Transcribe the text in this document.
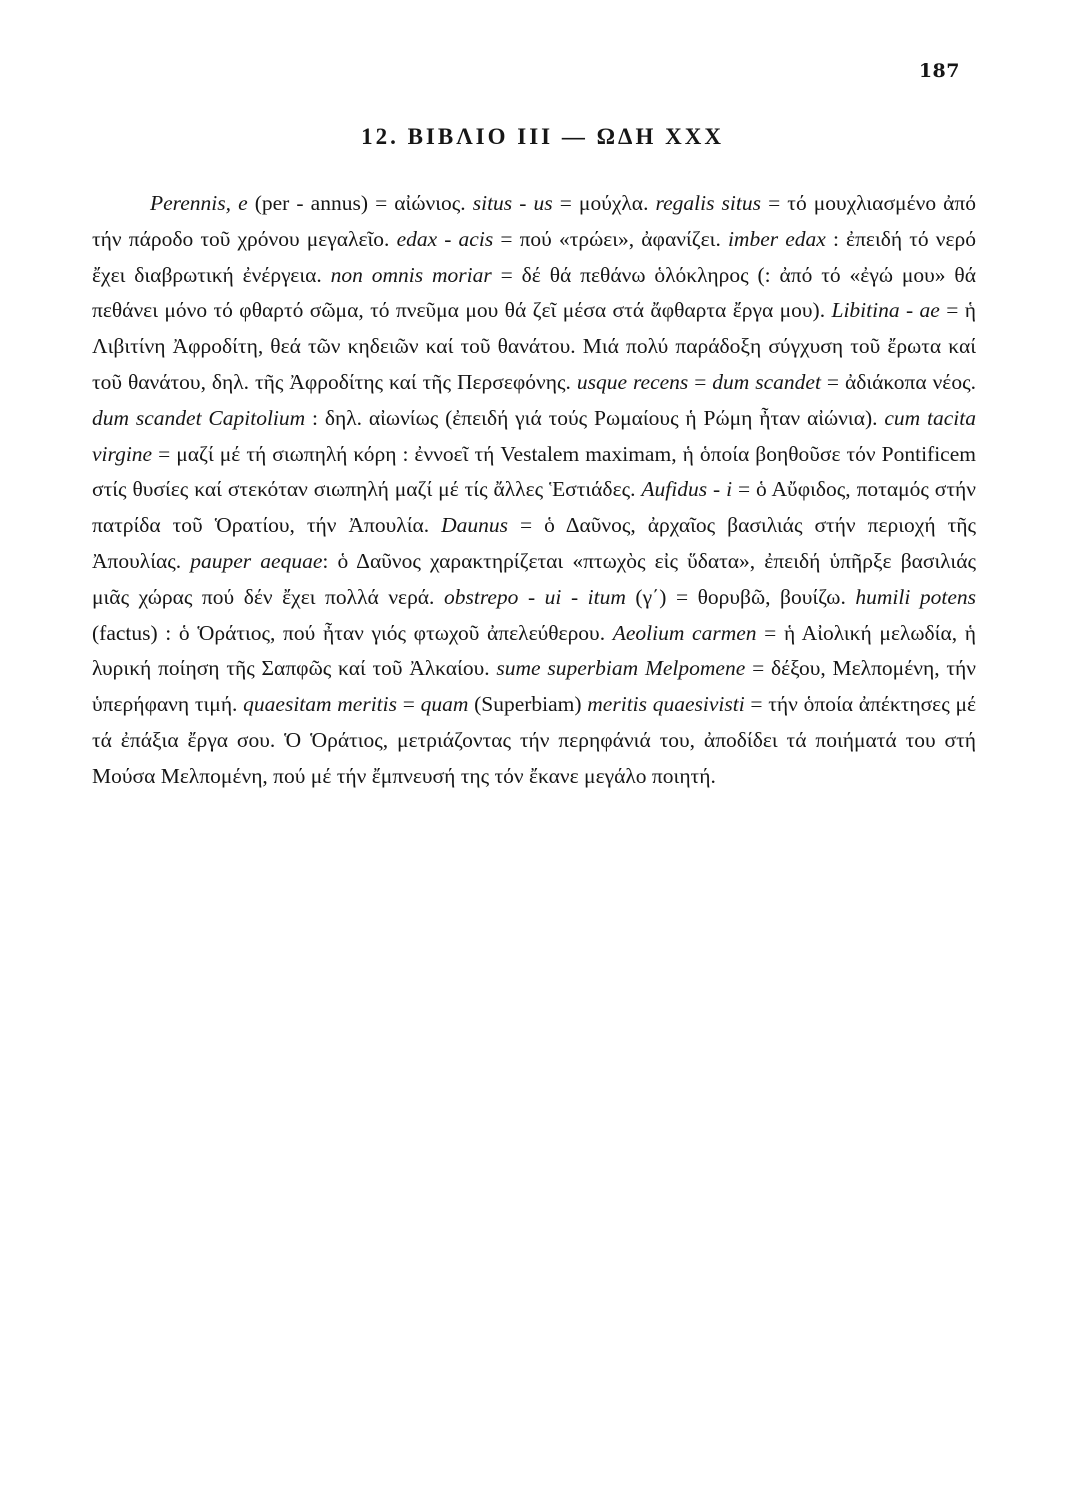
187
12. ΒΙΒΛΙΟ III — ΩΔΗ XXX

Perennis, e (per - annus) = αἰώνιος. situs - us = μούχλα. regalis situs = τό μουχλιασμένο ἀπό τήν πάροδο τοῦ χρόνου μεγαλεῖο. edax - acis = πού «τρώει», ἀφανίζει. imber edax : ἐπειδή τό νερό ἔχει διαβρωτική ἐνέργεια. non omnis moriar = δέ θά πεθάνω ὁλόκληρος (: ἀπό τό «ἐγώ μου» θά πεθάνει μόνο τό φθαρτό σῶμα, τό πνεῦμα μου θά ζεῖ μέσα στά ἄφθαρτα ἔργα μου). Libitina - ae = ἡ Λιβιτίνη Ἀφροδίτη, θεά τῶν κηδειῶν καί τοῦ θανάτου. Μιά πολύ παράδοξη σύγχυση τοῦ ἔρωτα καί τοῦ θανάτου, δηλ. τῆς Ἀφροδίτης καί τῆς Περσεφόνης. usque recens = dum scandet = ἀδιάκοπα νέος. dum scandet Capitolium : δηλ. αἰωνίως (ἐπειδή γιά τούς Ρωμαίους ἡ Ρώμη ἦταν αἰώνια). cum tacita virgine = μαζί μέ τή σιωπηλή κόρη : ἐννοεῖ τή Vestalem maximam, ἡ ὁποία βοηθοῦσε τόν Pontificem στίς θυσίες καί στεκόταν σιωπηλή μαζί μέ τίς ἄλλες Ἑστιάδες. Aufidus - i = ὁ Αὔφιδος, ποταμός στήν πατρίδα τοῦ Ὁρατίου, τήν Ἀπουλία. Daunus = ὁ Δαῦνος, ἀρχαῖος βασιλιάς στήν περιοχή τῆς Ἀπουλίας. pauper aequae: ὁ Δαῦνος χαρακτηρίζεται «πτωχὸς εἰς ὕδατα», ἐπειδή ὑπῆρξε βασιλιάς μιᾶς χώρας πού δέν ἔχει πολλά νερά. obstrepo - ui - itum (γ΄) = θορυβῶ, βουίζω. humili potens (factus) : ὁ Ὁράτιος, πού ἦταν γιός φτωχοῦ ἀπελεύθερου. Aeolium carmen = ἡ Αἰολική μελωδία, ἡ λυρική ποίηση τῆς Σαπφῶς καί τοῦ Ἀλκαίου. sume superbiam Melpomene = δέξου, Μελπομένη, τήν ὑπερήφανη τιμή. quaesitam meritis = quam (Superbiam) meritis quaesivisti = τήν ὁποία ἀπέκτησες μέ τά ἐπάξια ἔργα σου. Ὁ Ὁράτιος, μετριάζοντας τήν περηφάνιά του, ἀποδίδει τά ποιήματά του στή Μούσα Μελπομένη, πού μέ τήν ἔμπνευσή της τόν ἔκανε μεγάλο ποιητή.
